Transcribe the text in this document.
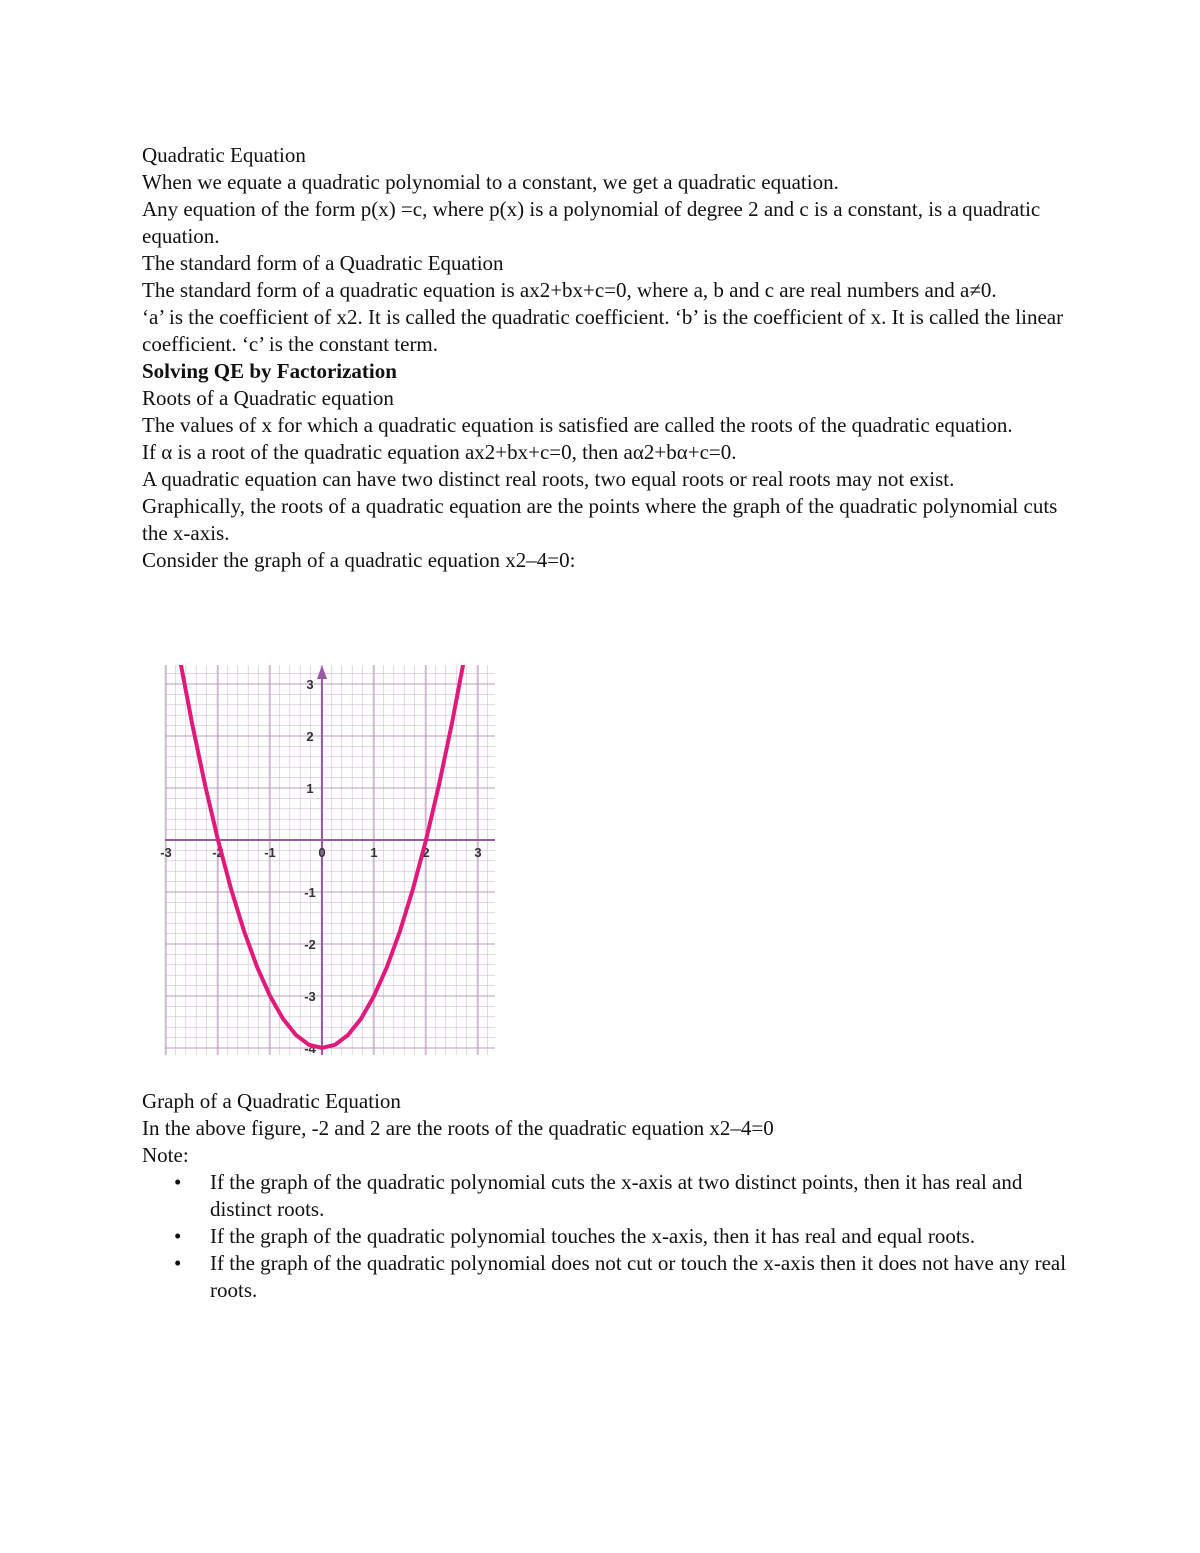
Quadratic Equation

When we equate a quadratic polynomial to a constant, we get a quadratic equation.

Any equation of the form p(x) =c, where p(x) is a polynomial of degree 2 and c is a constant, is a quadratic equation.

The standard form of a Quadratic Equation

The standard form of a quadratic equation is ax2+bx+c=0, where a, b and c are real numbers and a≠0.

‘a’ is the coefficient of x2. It is called the quadratic coefficient. ‘b’ is the coefficient of x. It is called the linear coefficient. ‘c’ is the constant term.

Solving QE by Factorization

Roots of a Quadratic equation

The values of x for which a quadratic equation is satisfied are called the roots of the quadratic equation.

If α is a root of the quadratic equation ax2+bx+c=0, then aα2+bα+c=0.

A quadratic equation can have two distinct real roots, two equal roots or real roots may not exist.

Graphically, the roots of a quadratic equation are the points where the graph of the quadratic polynomial cuts the x-axis.

Consider the graph of a quadratic equation x2–4=0:

-3	-2	-1	0	1	2	3
3
2
1
-1
-2
-3
-4

Graph of a Quadratic Equation

In the above figure, -2 and 2 are the roots of the quadratic equation x2–4=0

Note:

• If the graph of the quadratic polynomial cuts the x-axis at two distinct points, then it has real and distinct roots.
• If the graph of the quadratic polynomial touches the x-axis, then it has real and equal roots.
• If the graph of the quadratic polynomial does not cut or touch the x-axis then it does not have any real roots.
